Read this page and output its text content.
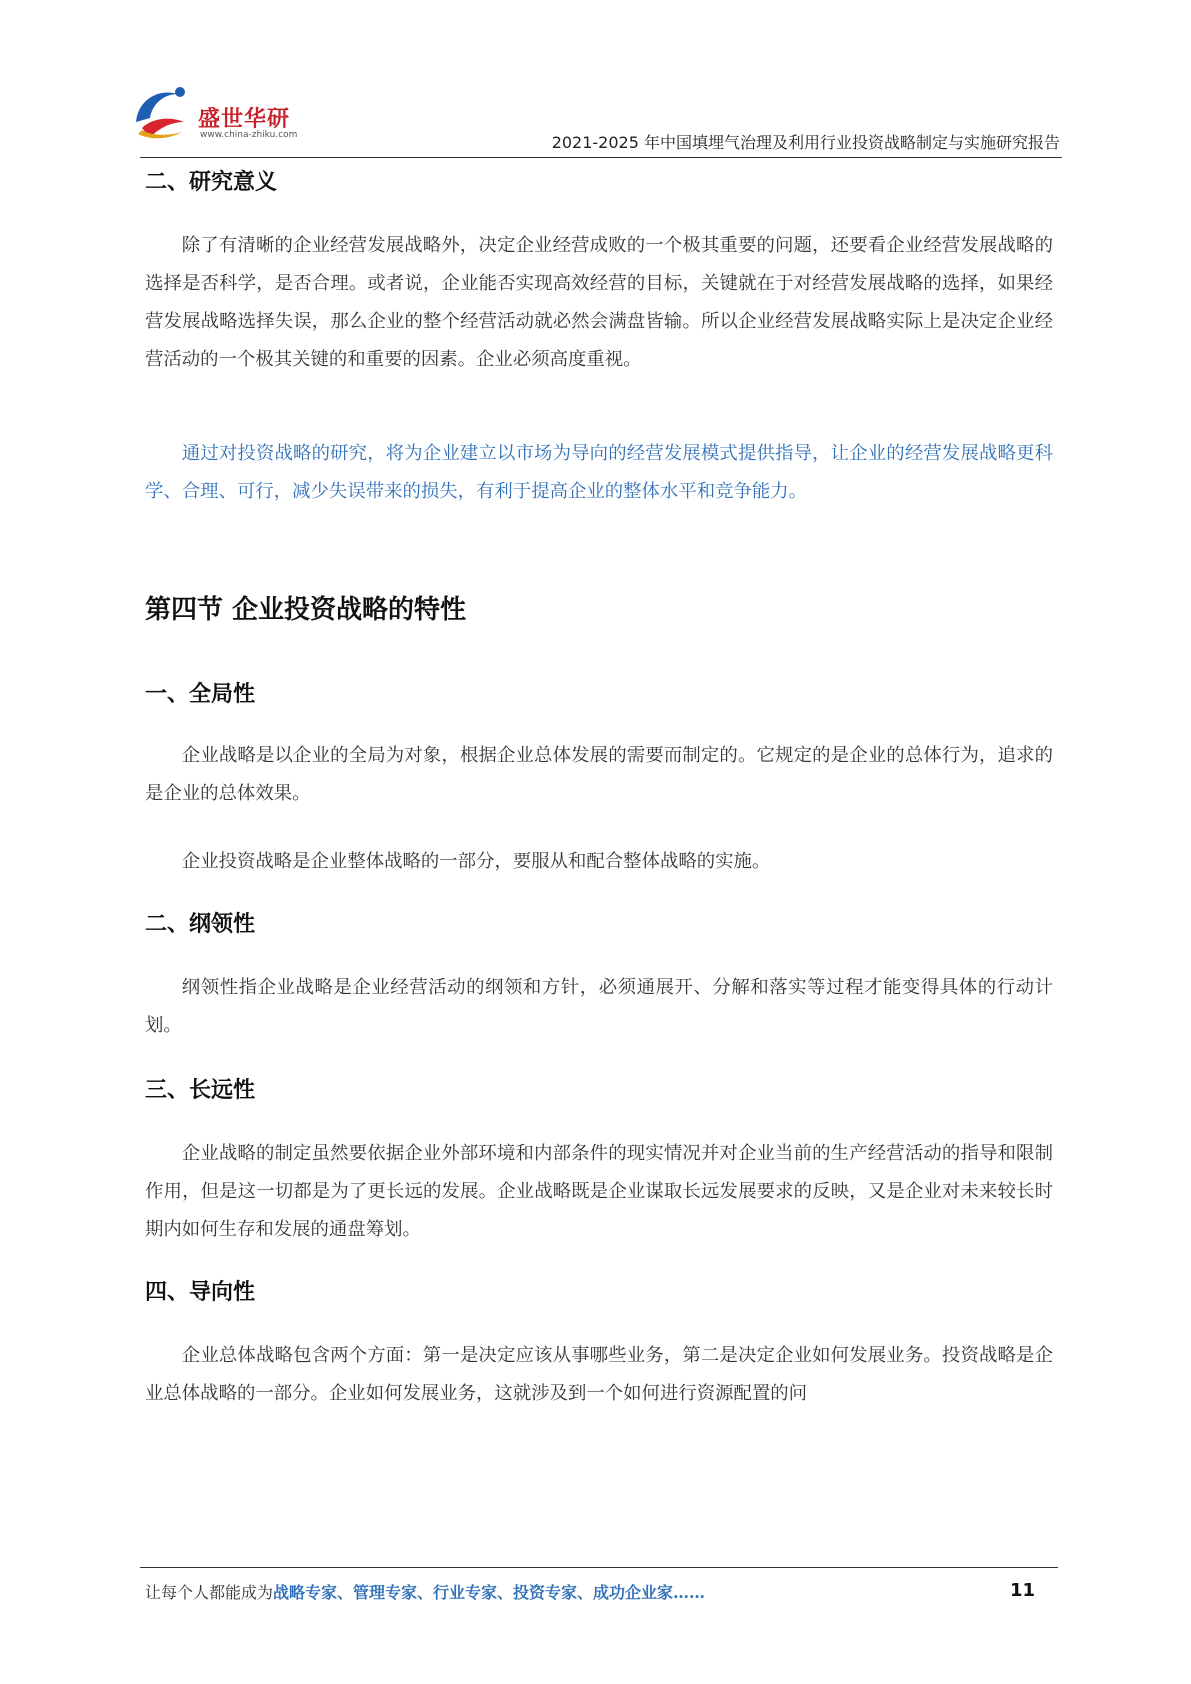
盛世华研
www.china-zhiku.com	2021-2025 年中国填埋气治理及利用行业投资战略制定与实施研究报告
二、研究意义

除了有清晰的企业经营发展战略外，决定企业经营成败的一个极其重要的问题，还要看企业经营发展战略的选择是否科学，是否合理。或者说，企业能否实现高效经营的目标，关键就在于对经营发展战略的选择，如果经营发展战略选择失误，那么企业的整个经营活动就必然会满盘皆输。所以企业经营发展战略实际上是决定企业经营活动的一个极其关键的和重要的因素。企业必须高度重视。

通过对投资战略的研究，将为企业建立以市场为导向的经营发展模式提供指导，让企业的经营发展战略更科学、合理、可行，减少失误带来的损失，有利于提高企业的整体水平和竞争能力。

第四节 企业投资战略的特性
一、全局性

企业战略是以企业的全局为对象，根据企业总体发展的需要而制定的。它规定的是企业的总体行为，追求的是企业的总体效果。

企业投资战略是企业整体战略的一部分，要服从和配合整体战略的实施。

二、纲领性

纲领性指企业战略是企业经营活动的纲领和方针，必须通展开、分解和落实等过程才能变得具体的行动计划。

三、长远性

企业战略的制定虽然要依据企业外部环境和内部条件的现实情况并对企业当前的生产经营活动的指导和限制作用，但是这一切都是为了更长远的发展。企业战略既是企业谋取长远发展要求的反映，又是企业对未来较长时期内如何生存和发展的通盘筹划。

四、导向性

企业总体战略包含两个方面：第一是决定应该从事哪些业务，第二是决定企业如何发展业务。投资战略是企业总体战略的一部分。企业如何发展业务，这就涉及到一个如何进行资源配置的问

让每个人都能成为战略专家、管理专家、行业专家、投资专家、成功企业家……	11
